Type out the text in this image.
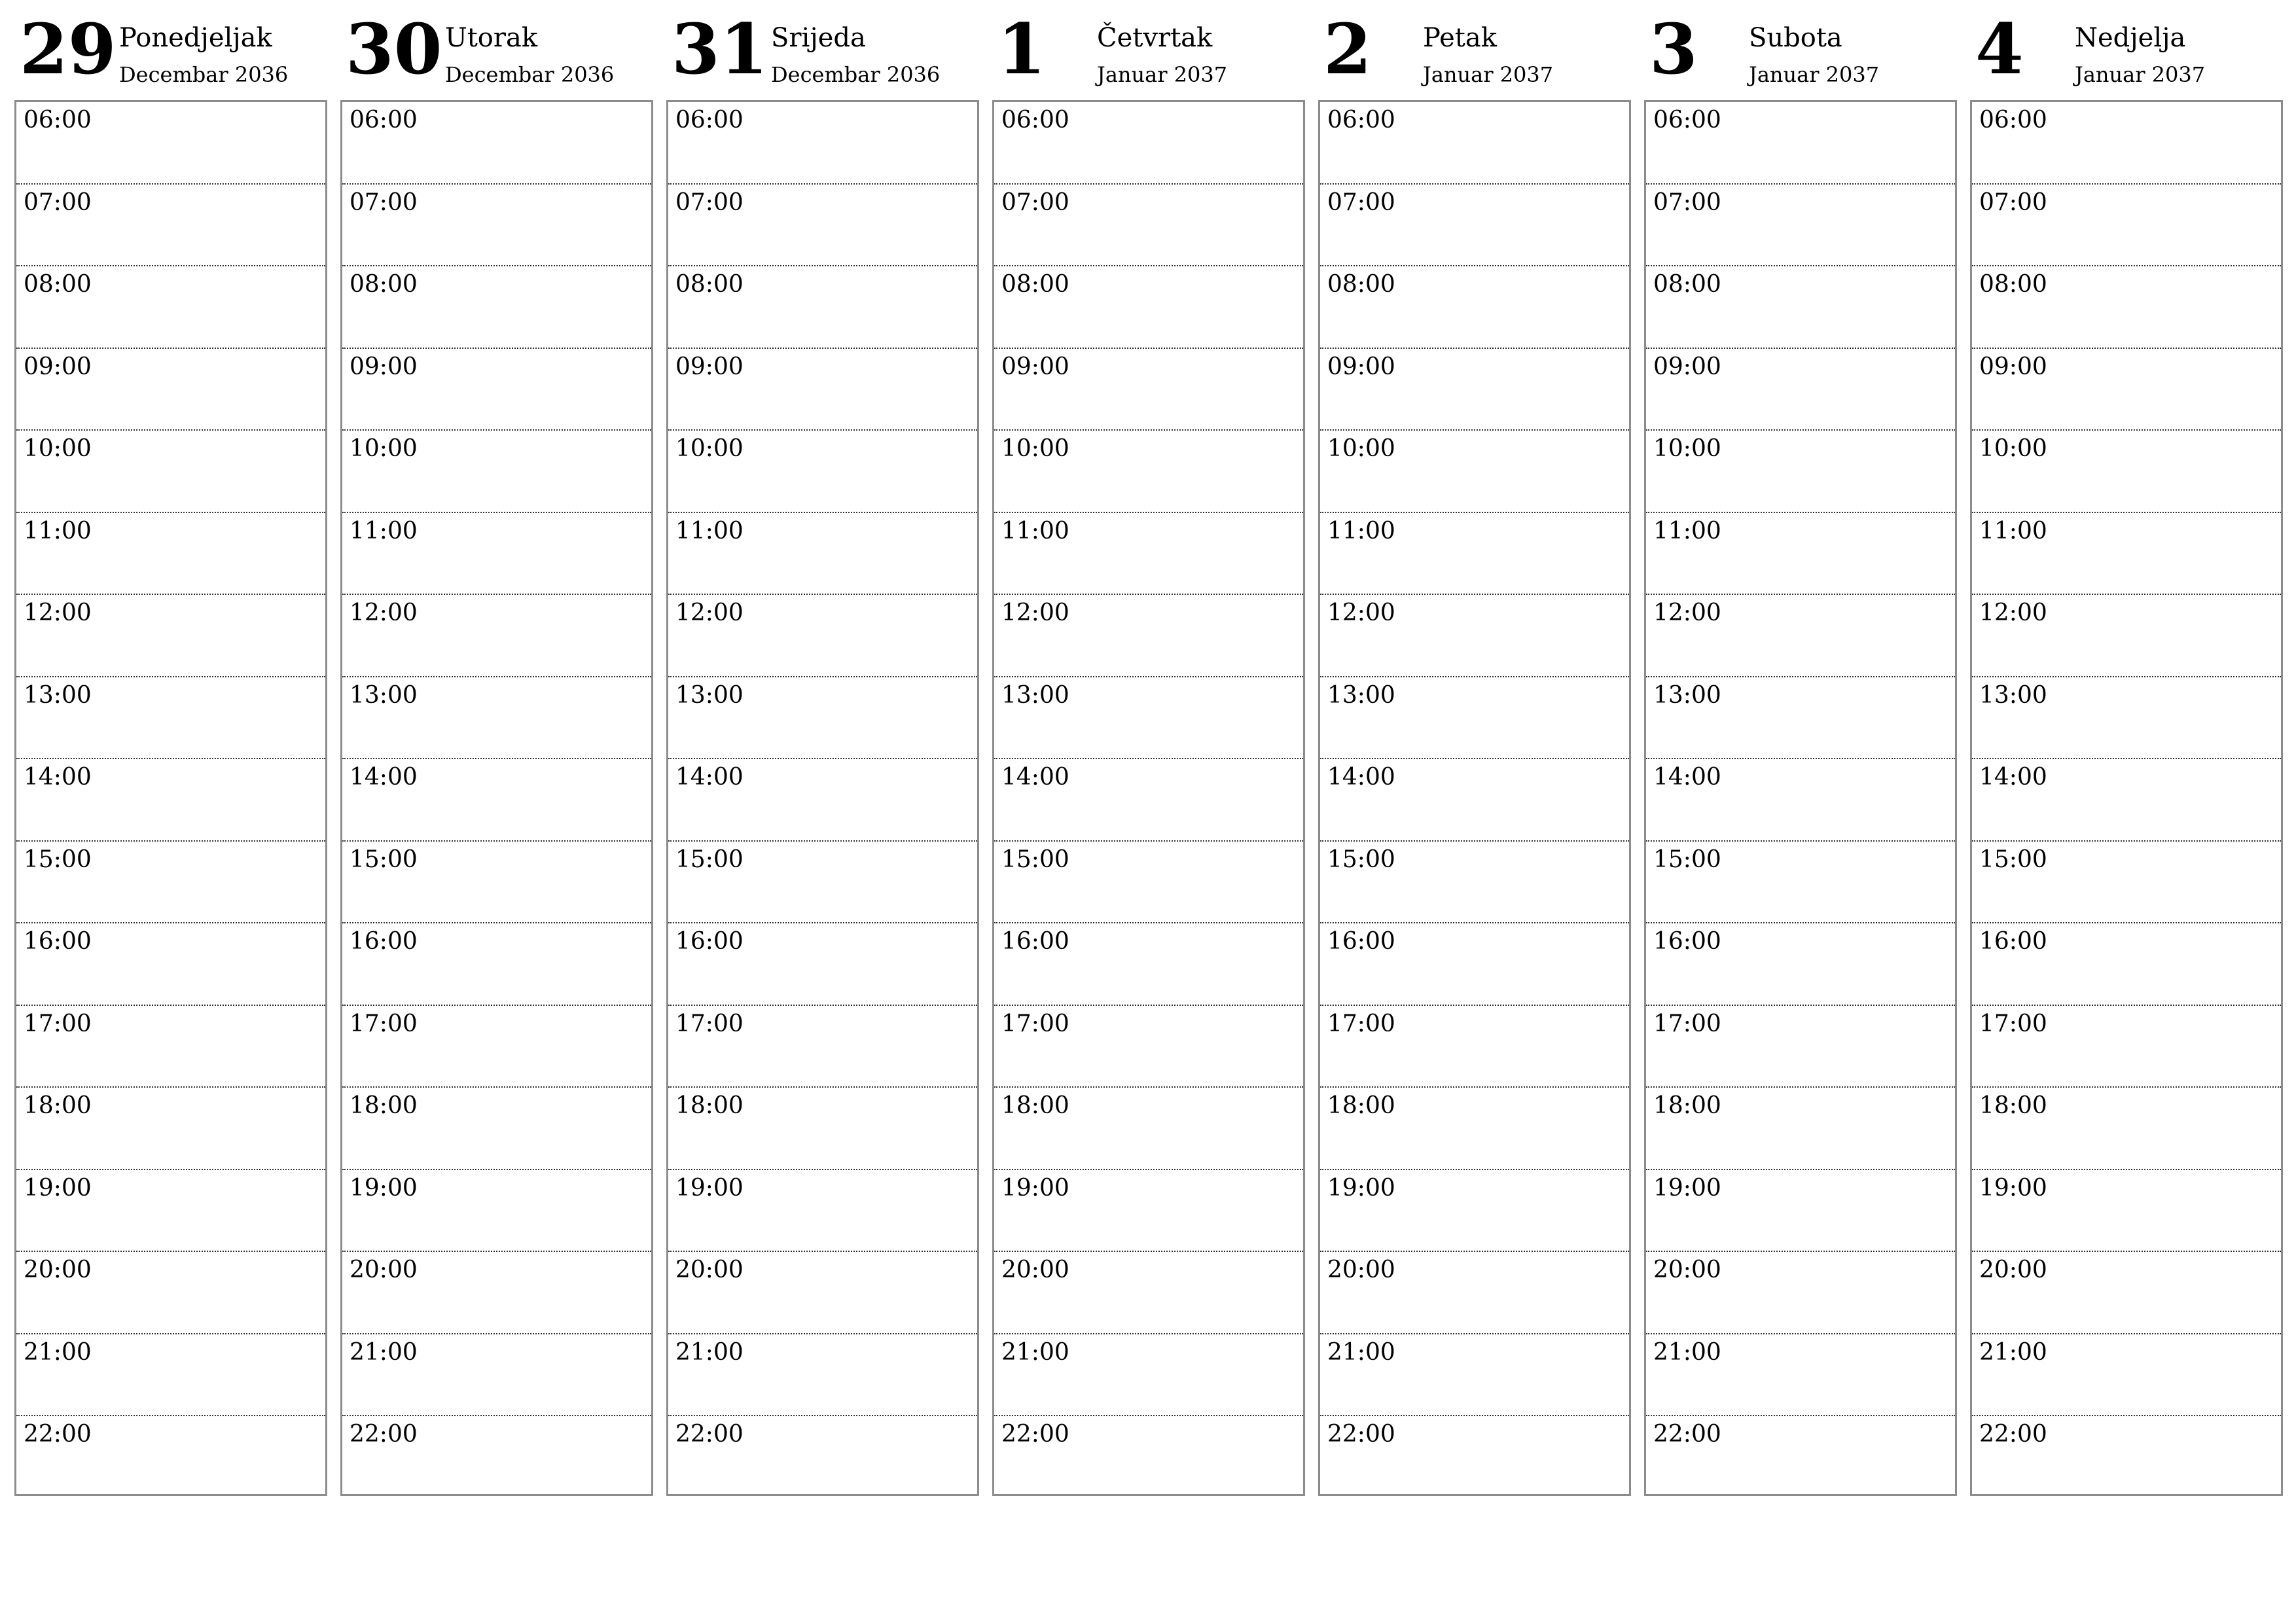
29 Ponedjeljak
Decembar 2036
06:00
07:00
08:00
09:00
10:00
11:00
12:00
13:00
14:00
15:00
16:00
17:00
18:00
19:00
20:00
21:00
22:00
30 Utorak
Decembar 2036
06:00
07:00
08:00
09:00
10:00
11:00
12:00
13:00
14:00
15:00
16:00
17:00
18:00
19:00
20:00
21:00
22:00
31 Srijeda
Decembar 2036
06:00
07:00
08:00
09:00
10:00
11:00
12:00
13:00
14:00
15:00
16:00
17:00
18:00
19:00
20:00
21:00
22:00
1 Četvrtak
Januar 2037
06:00
07:00
08:00
09:00
10:00
11:00
12:00
13:00
14:00
15:00
16:00
17:00
18:00
19:00
20:00
21:00
22:00
2 Petak
Januar 2037
06:00
07:00
08:00
09:00
10:00
11:00
12:00
13:00
14:00
15:00
16:00
17:00
18:00
19:00
20:00
21:00
22:00
3 Subota
Januar 2037
06:00
07:00
08:00
09:00
10:00
11:00
12:00
13:00
14:00
15:00
16:00
17:00
18:00
19:00
20:00
21:00
22:00
4 Nedjelja
Januar 2037
06:00
07:00
08:00
09:00
10:00
11:00
12:00
13:00
14:00
15:00
16:00
17:00
18:00
19:00
20:00
21:00
22:00
